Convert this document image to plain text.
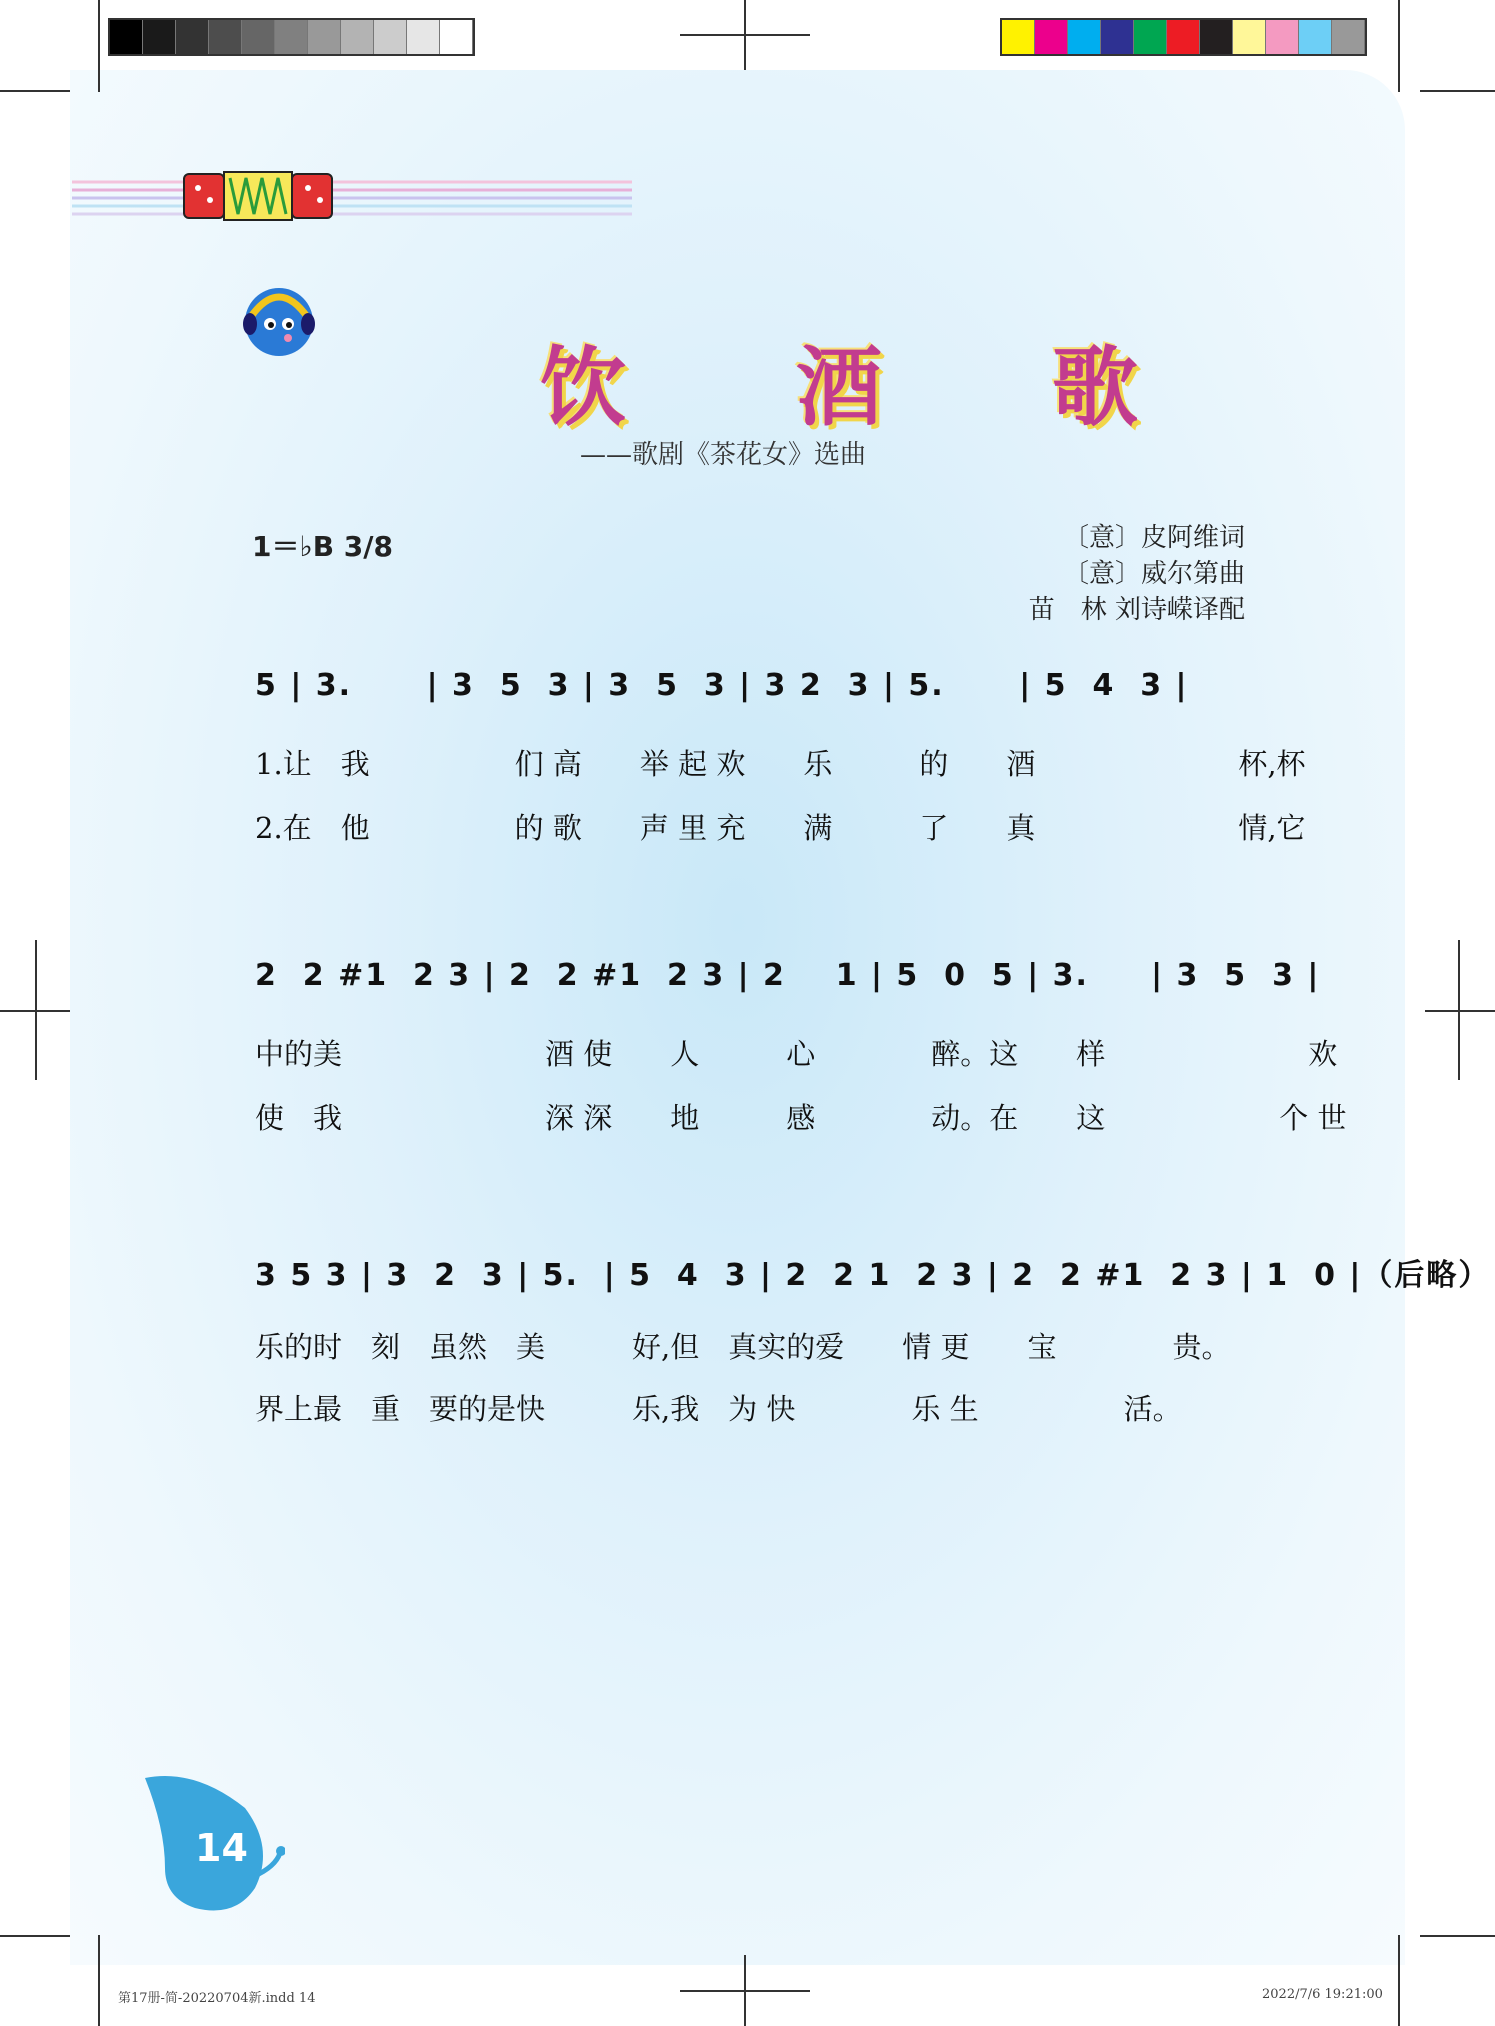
饮 酒 歌
——歌剧《茶花女》选曲
1＝♭B 3/8	〔意〕皮阿维词
〔意〕威尔第曲
苗　林 刘诗嵘译配
5 | 3.      | 3  5  3 | 3  5  3 | 3 2  3 | 5.      | 5  4  3 |
1.让　我　　　　　们 高　　举 起 欢　　乐　　　的　　酒　　　　　　　杯,杯
2.在　他　　　　　的 歌　　声 里 充　　满　　　了　　真　　　　　　　情,它
2  2 #1  2 3 | 2  2 #1  2 3 | 2    1 | 5  0  5 | 3.     | 3  5  3 |
中的美　　　　　　　酒 使　　人　　　心　　　　醉。这　　样　　　　　　　欢
使　我　　　　　　　深 深　　地　　　感　　　　动。在　　这　　　　　　个 世
3 5 3 | 3  2  3 | 5.  | 5  4  3 | 2  2 1  2 3 | 2  2 #1  2 3 | 1  0 |（后略）
乐的时　刻　虽然　美　　　好,但　真实的爱　　情 更　　宝　　　　贵。
界上最　重　要的是快　　　乐,我　为 快　　　　乐 生　　　　　活。
14
第17册-简-20220704新.indd 14	2022/7/6 19:21:00
